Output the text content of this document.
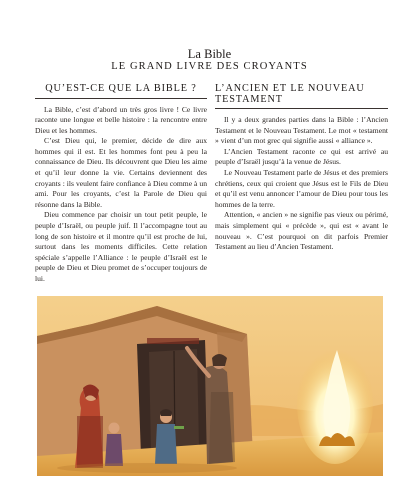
La Bible
LE GRAND LIVRE DES CROYANTS
QU’EST-CE QUE LA BIBLE ?

La Bible, c’est d’abord un très gros livre ! Ce livre raconte une longue et belle histoire : la rencontre entre Dieu et les hommes.

C’est Dieu qui, le premier, décide de dire aux hommes qui il est. Et les hommes font peu à peu la connaissance de Dieu. Ils découvrent que Dieu les aime et qu’il leur donne la vie. Certains deviennent des croyants : ils veulent faire confiance à Dieu comme à un ami. Pour les croyants, c’est la Parole de Dieu qui résonne dans la Bible.

Dieu commence par choisir un tout petit peuple, le peuple d’Israël, ou peuple juif. Il l’accompagne tout au long de son histoire et il montre qu’il est proche de lui, surtout dans les moments difficiles. Cette relation spéciale s’appelle l’Alliance : le peuple d’Israël est le peuple de Dieu et Dieu promet de s’occuper toujours de lui.

L’ANCIEN ET LE NOUVEAU TESTAMENT

Il y a deux grandes parties dans la Bible : l’Ancien Testament et le Nouveau Testament. Le mot « testament » vient d’un mot grec qui signifie aussi « alliance ».

L’Ancien Testament raconte ce qui est arrivé au peuple d’Israël jusqu’à la venue de Jésus.

Le Nouveau Testament parle de Jésus et des premiers chrétiens, ceux qui croient que Jésus est le Fils de Dieu et qu’il est venu annoncer l’amour de Dieu pour tous les hommes de la terre.

Attention, « ancien » ne signifie pas vieux ou périmé, mais simplement qui « précède », qui est « avant le nouveau ». C’est pourquoi on dit parfois Premier Testament au lieu d’Ancien Testament.
